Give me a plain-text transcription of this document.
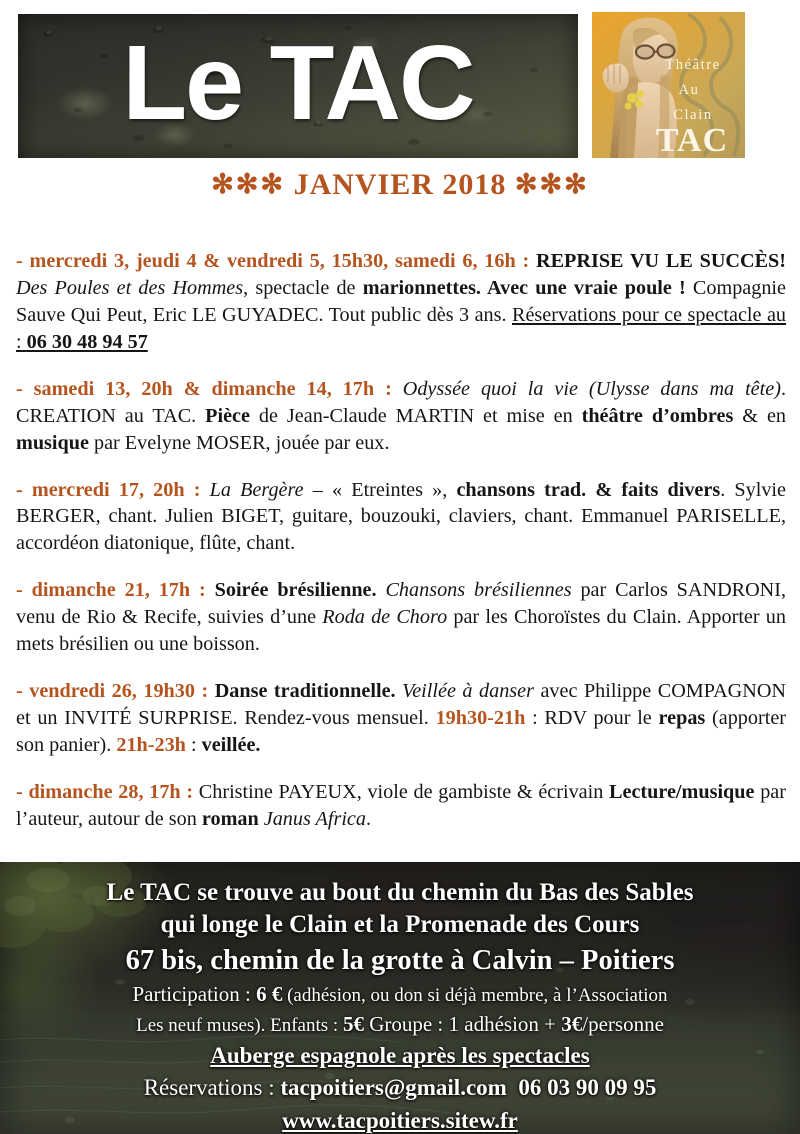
Le TAC	Théâtre
Au
Clain
TAC
✻✻✻ JANVIER 2018 ✻✻✻

- mercredi 3, jeudi 4 & vendredi 5, 15h30, samedi 6, 16h : REPRISE VU LE SUCCÈS! Des Poules et des Hommes, spectacle de marionnettes. Avec une vraie poule ! Compagnie Sauve Qui Peut, Eric LE GUYADEC. Tout public dès 3 ans. Réservations pour ce spectacle au : 06 30 48 94 57

- samedi 13, 20h & dimanche 14, 17h : Odyssée quoi la vie (Ulysse dans ma tête). CREATION au TAC. Pièce de Jean-Claude MARTIN et mise en théâtre d’ombres & en musique par Evelyne MOSER, jouée par eux.

- mercredi 17, 20h : La Bergère – « Etreintes », chansons trad. & faits divers. Sylvie BERGER, chant. Julien BIGET, guitare, bouzouki, claviers, chant. Emmanuel PARISELLE, accordéon diatonique, flûte, chant.

- dimanche 21, 17h : Soirée brésilienne. Chansons brésiliennes par Carlos SANDRONI, venu de Rio & Recife, suivies d’une Roda de Choro par les Choroïstes du Clain. Apporter un mets brésilien ou une boisson.

- vendredi 26, 19h30 : Danse traditionnelle. Veillée à danser avec Philippe COMPAGNON et un INVITÉ SURPRISE. Rendez-vous mensuel. 19h30-21h : RDV pour le repas (apporter son panier). 21h-23h : veillée.

- dimanche 28, 17h : Christine PAYEUX, viole de gambiste & écrivain Lecture/musique par l’auteur, autour de son roman Janus Africa.

Le TAC se trouve au bout du chemin du Bas des Sables
qui longe le Clain et la Promenade des Cours
67 bis, chemin de la grotte à Calvin – Poitiers
Participation : 6 € (adhésion, ou don si déjà membre, à l’Association
Les neuf muses). Enfants : 5€ Groupe : 1 adhésion + 3€/personne
Auberge espagnole après les spectacles
Réservations : tacpoitiers@gmail.com 06 03 90 09 95
www.tacpoitiers.sitew.fr
